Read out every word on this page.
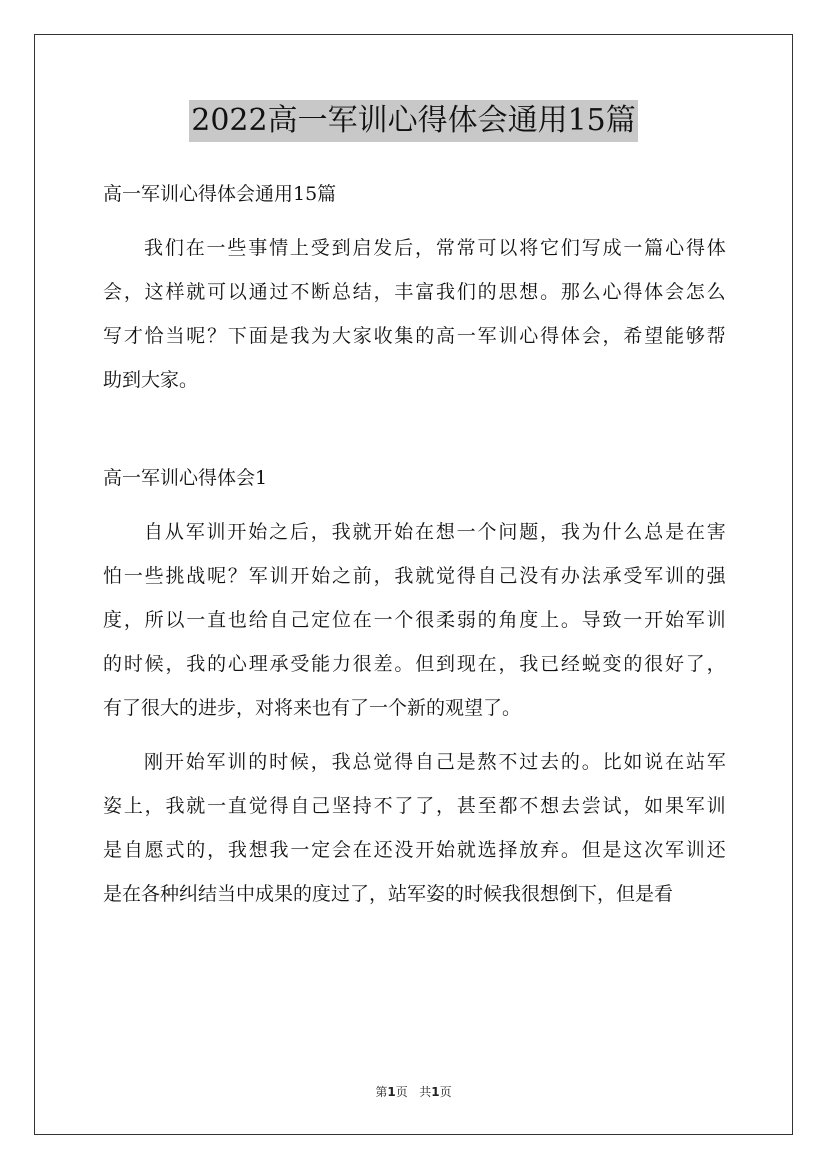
2022高一军训心得体会通用15篇
高一军训心得体会通用15篇
我 们 在 一 些 事 情 上 受 到 启 发 后 ， 常 常 可 以 将 它 们 写 成 一 篇 心 得 体
会 ， 这 样 就 可 以 通 过 不 断 总 结 ， 丰 富 我 们 的 思 想 。 那 么 心 得 体 会 怎 么
写 才 恰 当 呢 ？ 下 面 是 我 为 大 家 收 集 的 高 一 军 训 心 得 体 会 ， 希 望 能 够 帮
助到大家。
高一军训心得体会1
自 从 军 训 开 始 之 后 ， 我 就 开 始 在 想 一 个 问 题 ， 我 为 什 么 总 是 在 害
怕 一 些 挑 战 呢 ？ 军 训 开 始 之 前 ， 我 就 觉 得 自 己 没 有 办 法 承 受 军 训 的 强
度 ， 所 以 一 直 也 给 自 己 定 位 在 一 个 很 柔 弱 的 角 度 上 。 导 致 一 开 始 军 训
的 时 候 ， 我 的 心 理 承 受 能 力 很 差 。 但 到 现 在 ， 我 已 经 蜕 变 的 很 好 了 ，
有了很大的进步，对将来也有了一个新的观望了。
刚 开 始 军 训 的 时 候 ， 我 总 觉 得 自 己 是 熬 不 过 去 的 。 比 如 说 在 站 军
姿 上 ， 我 就 一 直 觉 得 自 己 坚 持 不 了 了 ， 甚 至 都 不 想 去 尝 试 ， 如 果 军 训
是 自 愿 式 的 ， 我 想 我 一 定 会 在 还 没 开 始 就 选 择 放 弃 。 但 是 这 次 军 训 还
是在各种纠结当中成果的度过了，站军姿的时候我很想倒下，但是看
第1页 共1页
